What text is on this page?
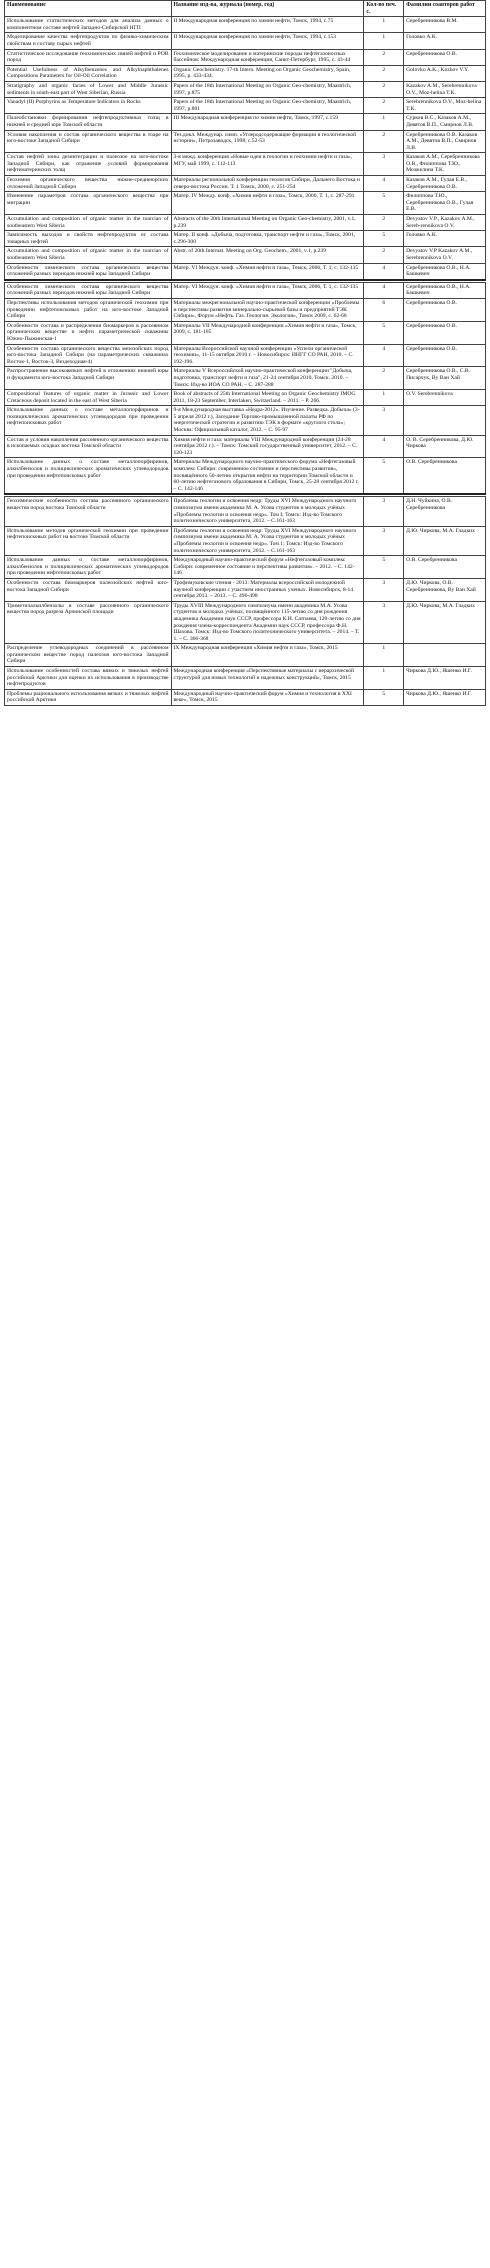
Наименование	Название изд-ва, журнала (номер, год)	Кол-во печ. с.	Фамилии соавторов работ
Использование статистических методов для анализа данных о компонентном составе нефтей Западно-Сибирской НГП	II Международная конференция по химии нефти, Томск, 1994, c.75	1	Серебренникова В.М.
Моделирование качества нефтепродуктов по физико-химическим свойствам и составу сырых нефтей	II Международная конференция по химии нефти, Томск, 1994, c.153	1	Головко А.К.
Статистическое исследование геохимических связей нефтей и РОВ пород	Геохимическое моделирование и материнские породы нефтегазоносных бассейнов: Международная конференция, Санкт-Петербург, 1995, с. 43-44	2	Серебренникова О.В.
Potential Usefulness of Alkylbenzenes and Alkylnaphthalenes Compositions Parameters for Oil-Oil Correlation	Organic Geochemistry. 17-th Intern. Meeting on Organic Geochemistry, Spain, 1995, p. 433-434.	2	Golovko A.K., Kozhov V.Y.
Stratigraphy and organic facies of Lower and Middle Jurassic sediments in south-east part of West Siberian, Russia	Papers of the 18th International Meeting on Organic Geo-chemistry, Maastrich, 1997, p.875	2	Kazakov A.M., Serebrennikova O.V., Moz-helina T.K.
Vanadyl (II) Porphyrins as Temperature Indicators in Rocks	Papers of the 18th International Meeting on Organic Geo-chemistry, Maastrich, 1997, p.801	2	Serebrennikova O.V., Moz-helina T.K.
Палеобстановки формирования нефтепродуктивных толщ в нижней и средней юре Томской области	III Международная конференция по химии нефти, Томск, 1997, с.159	1	Сурков В.С., Казаков А.М., Девятов В.П., Смирнов Л.В.
Условия накопления и состав органического вещества в тоарe на юго-востоке Западной Сибири	Тез.докл. Междунар. симп. «Углеродсодержащие формации в геологической истории», Петрозаводск, 1998, с.52-53	2	Серебренникова О.В. Казаков А.М., Девятов В.П., Смирнов Л.В.
Состав нефтей зоны дезинтеграции и палеозое на юго-востоке Западной Сибири, как отражение условий формирования нефтематеринских толщ	3-я межд. конференция «Новые идеи в геологии и геохимии нефти и газа», МГУ, май 1999, с. 112-113	3	Казаков А.М., Серебренникова О.В., Филиппова Т.Ю., Мозжелина Т.К.
Геохимия органического вещества нижне-среднеюрских отложений Западной Сибири	Материалы региональной конференции геологов Сибири, Дальнего Востока и северо-востока России. Т. 1 Томск, 2000, с. 251-254	4	Казаков А.М., Гулая Е.В., Серебренникова О.В.
Изменение параметров состава органического вещества при миграции	Матер. IV Между. конф. «Химия нефти и газа», Томск, 2000, Т. 1, с. 287-291	5	Филиппова Т.Ю., Серебренникова О.В., Гулая Е.В.
Accumulation and composition of organic matter in the toarcian of southeastern West Siberia	Abstracts of the 20th International Meeting on Organic Geo-chemistry, 2001, v.1, p.239	2	Devyatov V.P., Kazakov A.M., Sereb-rennikova O.V.
Зависимость выходов и свойств нефтепродуктов от состава товарных нефтей	Матер. II конф. «Добыча, подготовка, транспорт нефти и газа», Томск, 2001, с.296-300	5	Головко А.К.
Accumulation and composition of organic matter in the toarcian of southeastern West Siberia	Abstr. of 20th Internat. Meeting on Org. Geochem., 2001, v.1, p.239	2	Devyatov V.P Kazakov A.M., Serebrennikova O.V.
Особенности химического состава органического вещества отложений разных периодов нижней юры Западной Сибири	Матер. VI Междун. конф. «Химия нефти и газа», Томск, 2006, Т. 1, с. 132-135	4	Серебренникова О.В., Н.А. Башкевич

Особенности химического состава органического вещества отложений разных периодов нижней юры Западной Сибири	Матер. VI Междун. конф. «Химия нефти и газа», Томск, 2006, Т. 1, с. 132-135	4	Серебренникова О.В., Н.А. Башкевич
Перспективы использования методов органической геохимии при проведении нефтепоисковых работ на юго-востоке Западной Сибири	Материалы межрегиональной научно-практической конференции «Проблемы и перспективы развития минерально-сырьевой базы и предприятий ТЭК Сибири», Форум «Нефть. Газ. Геология. Экология», Томск 2009, с. 62-68	6	Серебренникова О.В.
Особенности состава и распределения биомаркеров в рассеянном органическом веществе и нефти параметрической скважины Южно-Пыжинская-1	Материалы VII Международной конференции «Химия нефти и газа», Томск, 2009, с. 181-185	5	Серебренникова О.В.
Особенности состава органического вещества мезозойских пород юго-востока Западной Сибири (на параметрических скважинах Восток-1, Восток-3, Вездеходная-4)	Материалы Всероссийской научной конференции «Успехи органической геохимии», 11-15 октября 2010 г. – Новосибирск: ИНГГ СО РАН, 2010. – С. 192-196.	4	Серебренникова О.В.
Распространение высоковязких нефтей в отложениях нижней юры и фундамента юго-востока Западной Сибири	Материалы V Всероссийской научно-практической конференции "Добыча, подготовка, транспорт нефти и газа", 21-24 сентября 2010, Томск. 2010. – Томск: Изд-во ИОА СО РАН. – С. 287-288	2	Серебренникова О.В., С.В. Писарчук, Ву Ван Хай
Compositional features of organic matter in Jurassic and Lower Cretaceous deposit located in the east of West Siberia	Book of abstracts of 25th International Meeting on Organic Geochemistry IMOG 2011, 18-23 September, Interlaken, Switzerland. – 2011. – P. 266.	1	O.V. Serebrennikova
Использование данных о составе металлопорфиринов и полициклических ароматических углеводородов при проведении нефтепоисковых работ	9-я Международная выставка «Недра-2012». Изучение. Разведка. Добыча» (3-5 апреля 2012 г.), Заседание Торгово-промышленной палаты РФ по энергетической стратегии и развитию ТЭК в формате «круглого стола»; Москва: Официальный каталог, 2012. – С. 95-97	3	
Состав и условия накопления рассеянного органического вещества в ископаемых осадках востока Томской области	Химия нефти и газа: материалы VIII Международной конференции (24-28 сентября 2012 г.). – Томск: Томский государственный университет, 2012. – С. 120-123	4	О. В. Серебренникова, Д.Ю. Чиркова
Использование данных о составе металлопорфиринов, алкилбензолов и полициклических ароматических углеводородов при проведении нефтепоисковых работ	Материалы Международного научно-практического форума «Нефтегазовый комплекс Сибири: современное состояние и перспективы развития», посвящённого 50-летию открытия нефти на территории Томской области и 60-летию нефтегазового образования в Сибири, Томск, 25-28 сентября 2012 г. – С. 142-146	5	О.В. Серебренникова

Геохимические особенности состава рассеянного органического вещества пород востока Томской области	Проблемы геологии и освоения недр: Труды XVI Международного научного симпозиума имени академика М. А. Усова студентов и молодых учёных «Проблемы геологии и освоения недр». Том I; Томск: Изд-во Томского политехнического университета, 2012. – С.161-163	3	Д.Н. Чуйкина, О.В. Серебренникова
Использование методов органической геохимии при проведении нефтепоисковых работ на востоке Томской области	Проблемы геологии и освоения недр: Труды XVI Международного научного симпозиума имени академика М. А. Усова студентов и молодых учёных «Проблемы геологии и освоения недр». Том 1; Томск: Изд-во Томского политехнического университета, 2012. – С.161-163	3	Д.Ю. Чиркова, М.А. Гладких
Использование данных о составе металлопорфиринов, алкилбензолов и полициклических ароматических углеводородов при проведении нефтепоисковых работ	Международный научно-практический форум «Нефтегазовый комплекс Сибири: современное состояние и перспективы развития». – 2012. – С. 142-146	5	О.В. Серебренникова
Особенности состава биомаркеров палеозойских нефтей юго-востока Западной Сибири	Трофимуковские чтения - 2013: Материалы всероссийской молодежной научной конференции с участием иностранных ученых. Новосибирск, 8-14 сентября 2013. – 2013. – С. 496-498	3	Д.Ю. Чиркова, О.В. Серебренникова, Ву Ван Хай
Триметилалкилбензолы в составе рассеянного органического вещества пород разреза Арчинской площади	Труды XVIII Международного симпозиума имени академика М.А. Усова студентов и молодых учёных, посвящённого 115-летию со дня рождения академика Академии наук СССР, профессора К.И. Сатпаева, 120-летию со дня рождения члена-корреспондента Академии наук СССР, профессора Ф.Н. Шахова. Томск: Изд-во Томского политехнического университета. – 2014. – Т. 1. – С. 366-368	3	Д.Ю. Чиркова, М.А. Гладких
Распределение углеводородных соединений в рассеянном органическом веществе пород палеозоя юго-востока Западной Сибири	IX Международная конференция «Химия нефти и газа», Томск, 2015	1	
Использование особенностей состава вязких и тяжелых нефтей российской Арктики для оценки их использования в производстве нефтепродуктов	Международная конференция «Перспективные материалы с иерархической структурой для новых технологий и надежных конструкций», Томск, 2015	1	Чиркова Д.Ю., Яшенко И.Г.
Проблемы рационального использования вязких и тяжелых нефтей российской Арктики	Международный научно-практический форум «Химия и технология в XXI веке», Томск, 2015	5	Чиркова Д.Ю., Яшенко И.Г.
